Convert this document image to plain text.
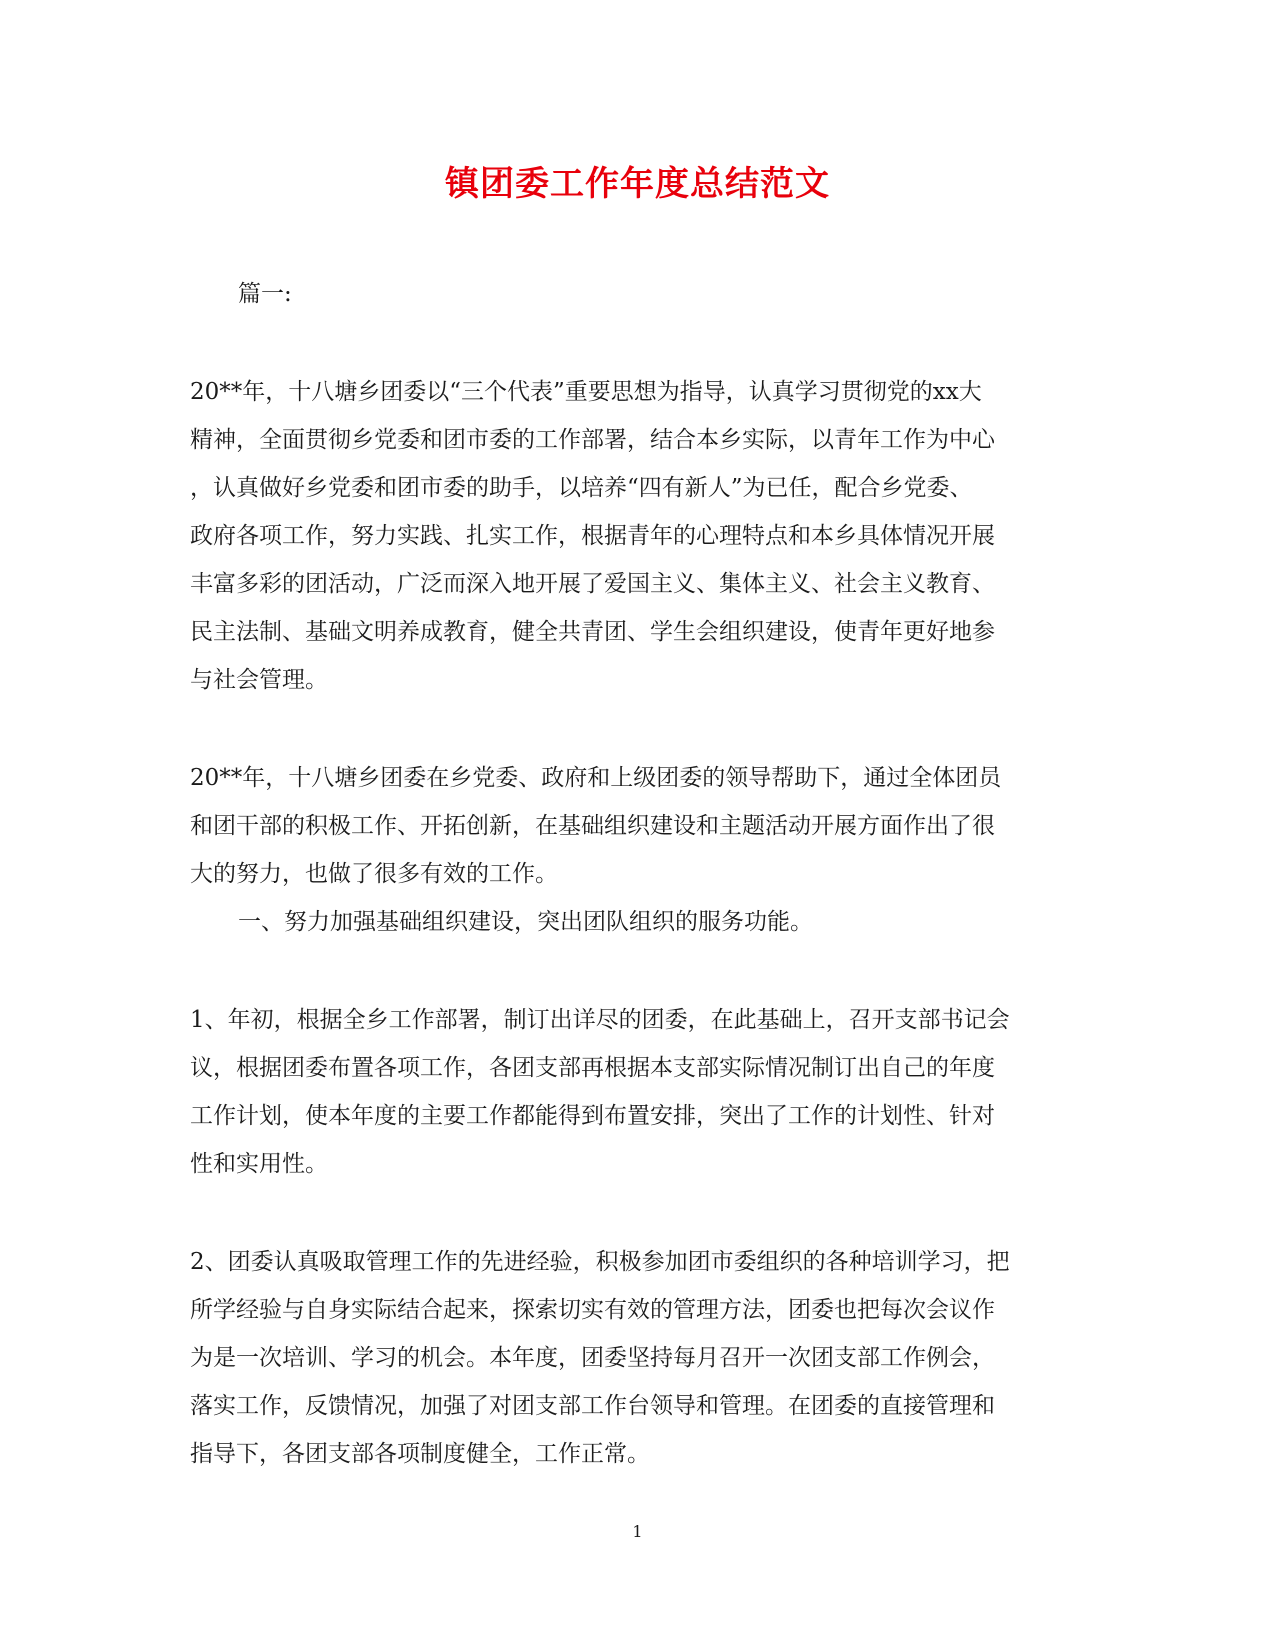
镇团委工作年度总结范文

篇一:

20**年，十八塘乡团委以“三个代表”重要思想为指导，认真学习贯彻党的xx大
精神，全面贯彻乡党委和团市委的工作部署，结合本乡实际，以青年工作为中心
，认真做好乡党委和团市委的助手，以培养“四有新人”为已任，配合乡党委、
政府各项工作，努力实践、扎实工作，根据青年的心理特点和本乡具体情况开展
丰富多彩的团活动，广泛而深入地开展了爱国主义、集体主义、社会主义教育、
民主法制、基础文明养成教育，健全共青团、学生会组织建设，使青年更好地参
与社会管理。

20**年，十八塘乡团委在乡党委、政府和上级团委的领导帮助下，通过全体团员
和团干部的积极工作、开拓创新，在基础组织建设和主题活动开展方面作出了很
大的努力，也做了很多有效的工作。

一、努力加强基础组织建设，突出团队组织的服务功能。

1、年初，根据全乡工作部署，制订出详尽的团委，在此基础上，召开支部书记会
议，根据团委布置各项工作，各团支部再根据本支部实际情况制订出自己的年度
工作计划，使本年度的主要工作都能得到布置安排，突出了工作的计划性、针对
性和实用性。

2、团委认真吸取管理工作的先进经验，积极参加团市委组织的各种培训学习，把
所学经验与自身实际结合起来，探索切实有效的管理方法，团委也把每次会议作
为是一次培训、学习的机会。本年度，团委坚持每月召开一次团支部工作例会，
落实工作，反馈情况，加强了对团支部工作台领导和管理。在团委的直接管理和
指导下，各团支部各项制度健全，工作正常。

1
